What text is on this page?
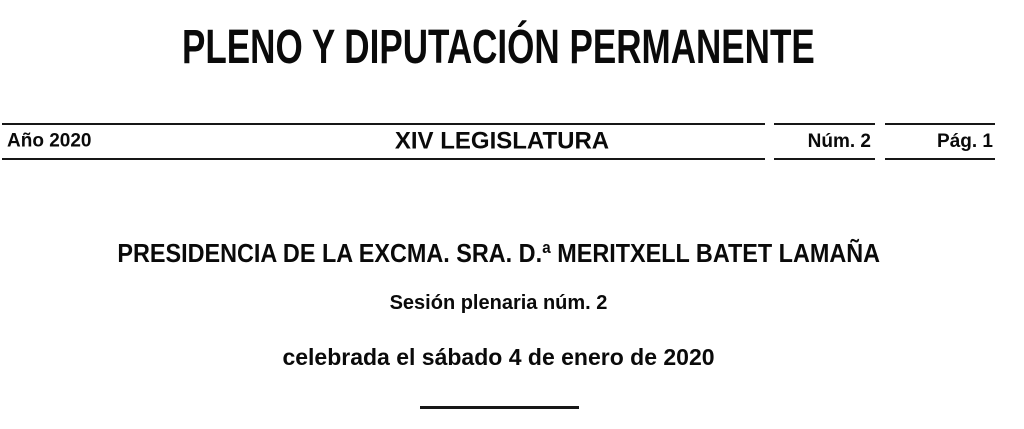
PLENO Y DIPUTACIÓN PERMANENTE
Año 2020	XIV LEGISLATURA	Núm. 2	Pág. 1
PRESIDENCIA DE LA EXCMA. SRA. D.ª MERITXELL BATET LAMAÑA
Sesión plenaria núm. 2
celebrada el sábado 4 de enero de 2020
